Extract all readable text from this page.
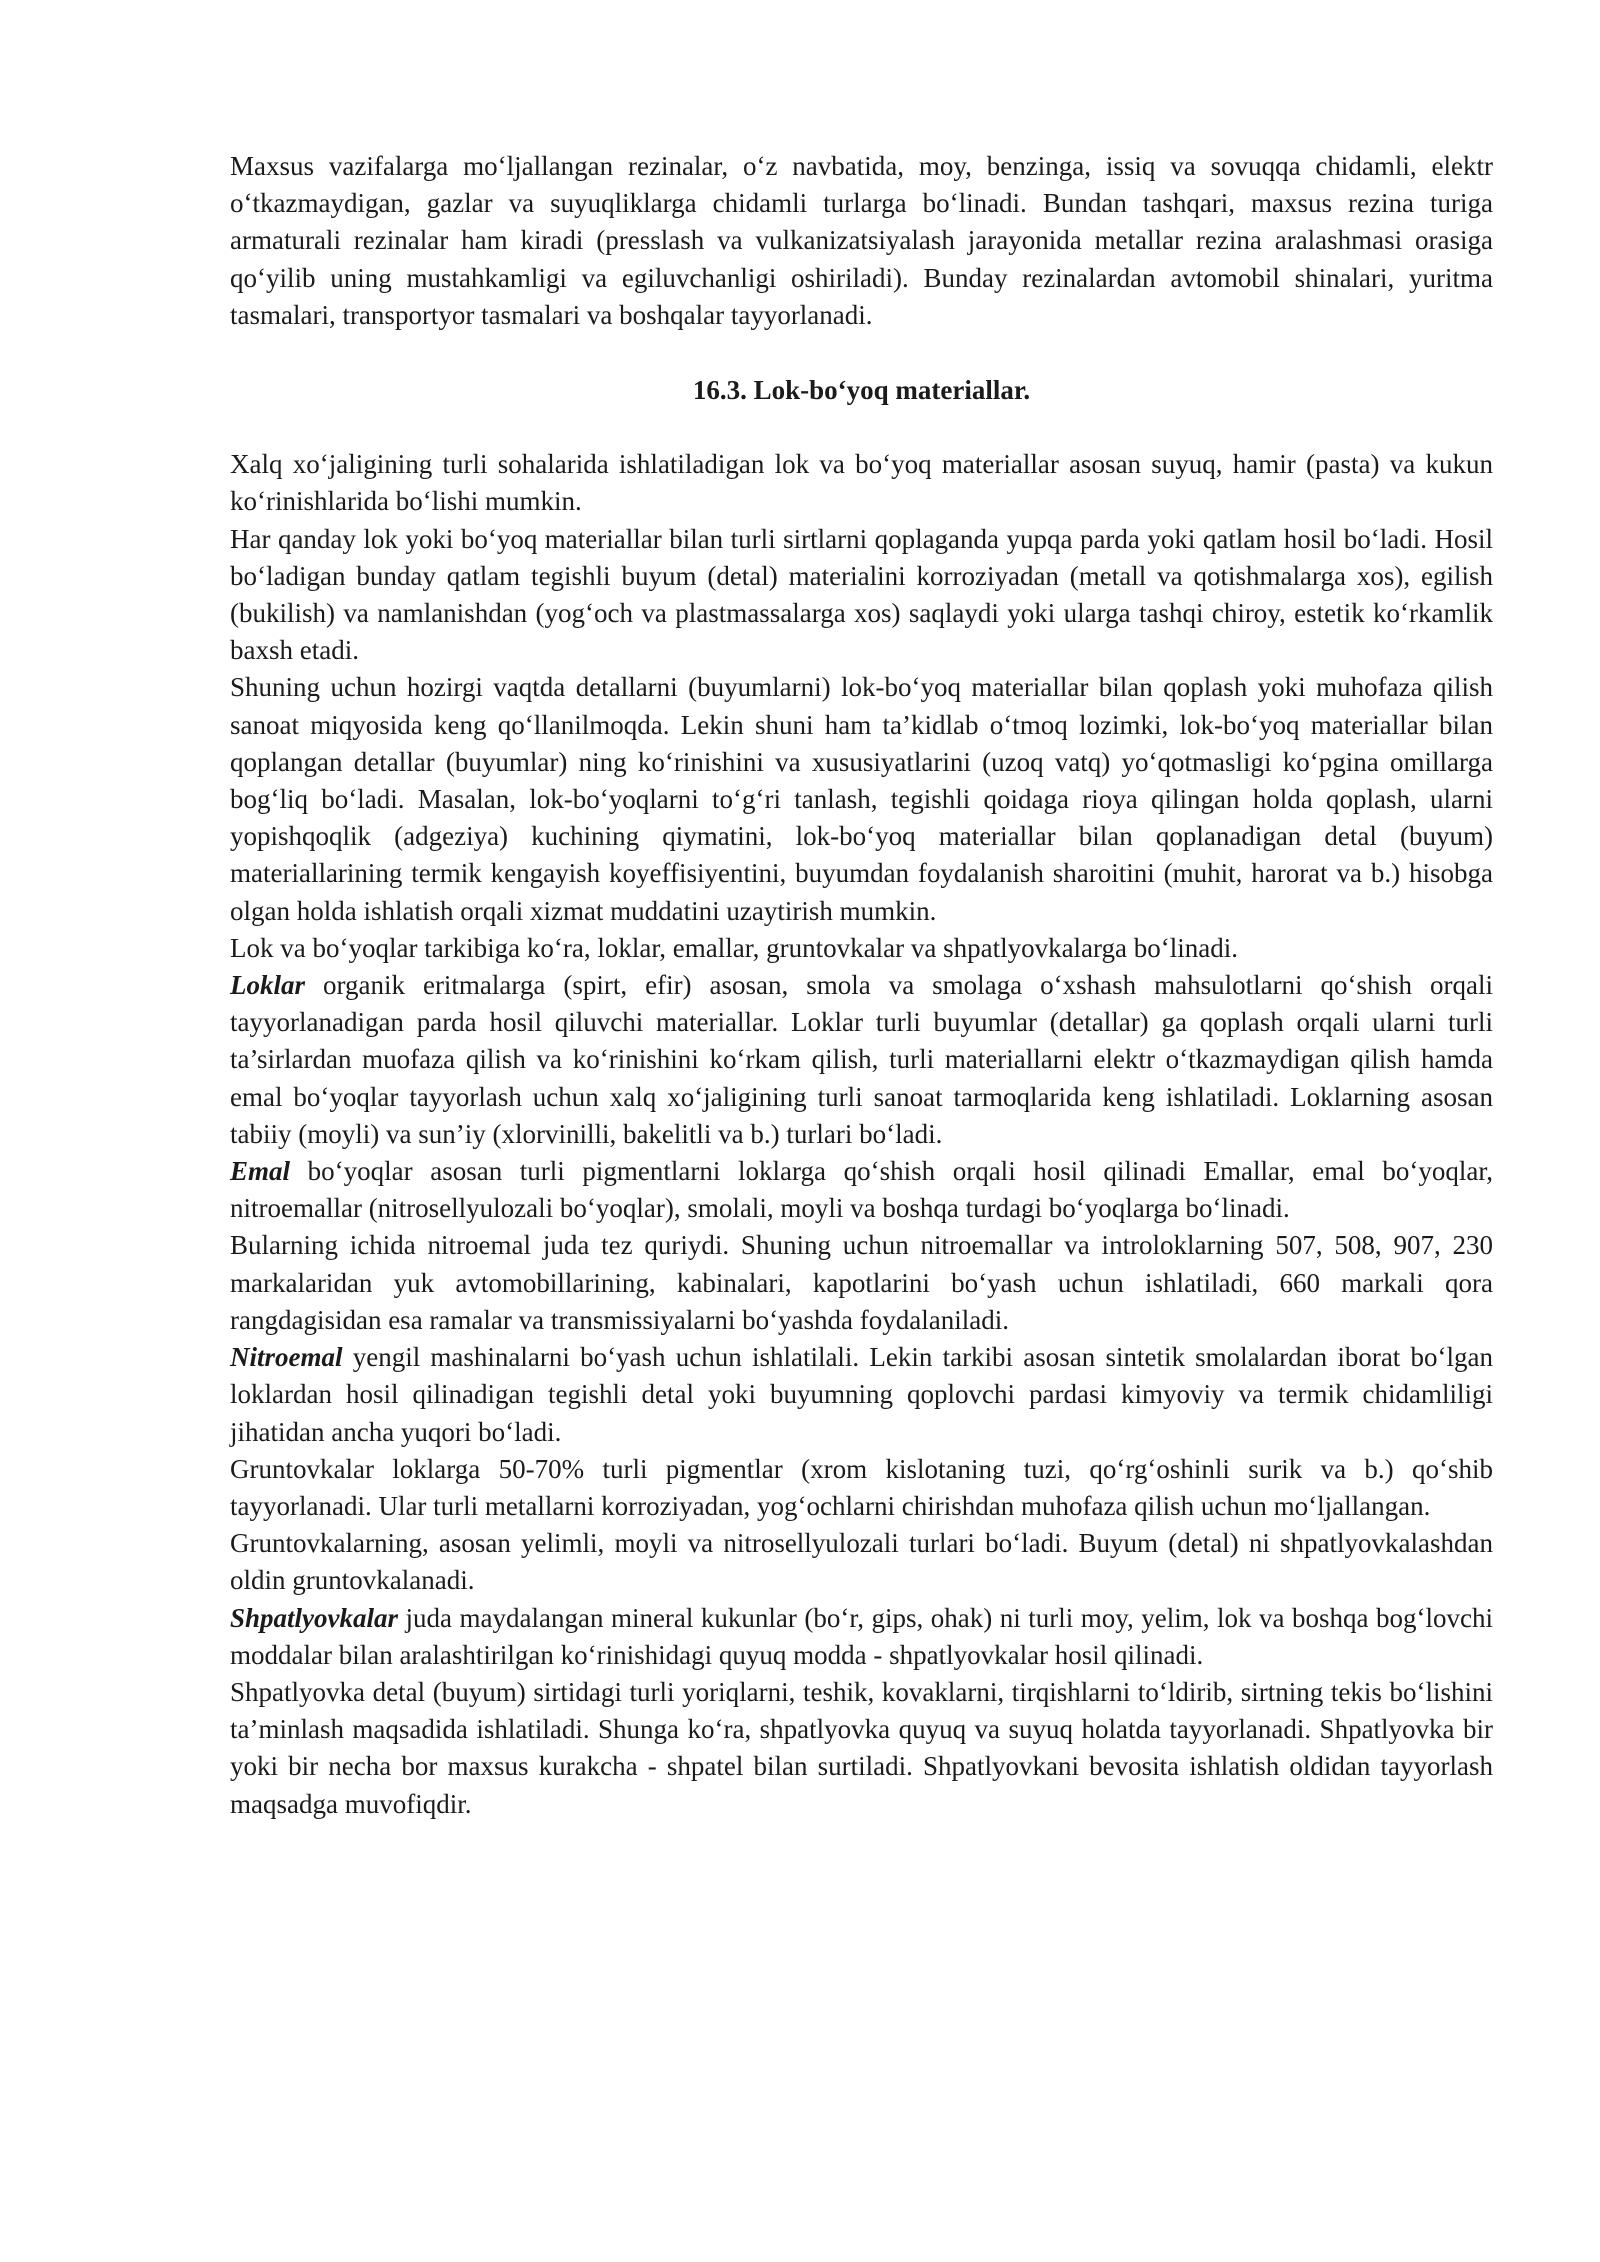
Maxsus vazifalarga mo‘ljallangan rezinalar, o‘z navbatida, moy, benzinga, issiq va sovuqqa chidamli, elektr o‘tkazmaydigan, gazlar va suyuqliklarga chidamli turlarga bo‘linadi. Bundan tashqari, maxsus rezina turiga armaturali rezinalar ham kiradi (presslash va vulkanizatsiyalash jarayonida metallar rezina aralashmasi orasiga qo‘yilib uning mustahkamligi va egiluvchanligi oshiriladi). Bunday rezinalardan avtomobil shinalari, yuritma tasmalari, transportyor tasmalari va boshqalar tayyorlanadi.

16.3. Lok-bo‘yoq materiallar.

Xalq xo‘jaligining turli sohalarida ishlatiladigan lok va bo‘yoq materiallar asosan suyuq, hamir (pasta) va kukun ko‘rinishlarida bo‘lishi mumkin.

Har qanday lok yoki bo‘yoq materiallar bilan turli sirtlarni qoplaganda yupqa parda yoki qatlam hosil bo‘ladi. Hosil bo‘ladigan bunday qatlam tegishli buyum (detal) materialini korroziyadan (metall va qotishmalarga xos), egilish (bukilish) va namlanishdan (yog‘och va plastmassalarga xos) saqlaydi yoki ularga tashqi chiroy, estetik ko‘rkamlik baxsh etadi.

Shuning uchun hozirgi vaqtda detallarni (buyumlarni) lok-bo‘yoq materiallar bilan qoplash yoki muhofaza qilish sanoat miqyosida keng qo‘llanilmoqda. Lekin shuni ham ta’kidlab o‘tmoq lozimki, lok-bo‘yoq materiallar bilan qoplangan detallar (buyumlar) ning ko‘rinishini va xususiyatlarini (uzoq vatq) yo‘qotmasligi ko‘pgina omillarga bog‘liq bo‘ladi. Masalan, lok-bo‘yoqlarni to‘g‘ri tanlash, tegishli qoidaga rioya qilingan holda qoplash, ularni yopishqoqlik (adgeziya) kuchining qiymatini, lok-bo‘yoq materiallar bilan qoplanadigan detal (buyum) materiallarining termik kengayish koyeffisiyentini, buyumdan foydalanish sharoitini (muhit, harorat va b.) hisobga olgan holda ishlatish orqali xizmat muddatini uzaytirish mumkin.

Lok va bo‘yoqlar tarkibiga ko‘ra, loklar, emallar, gruntovkalar va shpatlyovkalarga bo‘linadi.

Loklar organik eritmalarga (spirt, efir) asosan, smola va smolaga o‘xshash mahsulotlarni qo‘shish orqali tayyorlanadigan parda hosil qiluvchi materiallar. Loklar turli buyumlar (detallar) ga qoplash orqali ularni turli ta’sirlardan muofaza qilish va ko‘rinishini ko‘rkam qilish, turli materiallarni elektr o‘tkazmaydigan qilish hamda emal bo‘yoqlar tayyorlash uchun xalq xo‘jaligining turli sanoat tarmoqlarida keng ishlatiladi. Loklarning asosan tabiiy (moyli) va sun’iy (xlorvinilli, bakelitli va b.) turlari bo‘ladi.

Emal bo‘yoqlar asosan turli pigmentlarni loklarga qo‘shish orqali hosil qilinadi Emallar, emal bo‘yoqlar, nitroemallar (nitrosellyulozali bo‘yoqlar), smolali, moyli va boshqa turdagi bo‘yoqlarga bo‘linadi.

Bularning ichida nitroemal juda tez quriydi. Shuning uchun nitroemallar va introloklarning 507, 508, 907, 230 markalaridan yuk avtomobillarining, kabinalari, kapotlarini bo‘yash uchun ishlatiladi, 660 markali qora rangdagisidan esa ramalar va transmissiyalarni bo‘yashda foydalaniladi.

Nitroemal yengil mashinalarni bo‘yash uchun ishlatilali. Lekin tarkibi asosan sintetik smolalardan iborat bo‘lgan loklardan hosil qilinadigan tegishli detal yoki buyumning qoplovchi pardasi kimyoviy va termik chidamliligi jihatidan ancha yuqori bo‘ladi.

Gruntovkalar loklarga 50-70% turli pigmentlar (xrom kislotaning tuzi, qo‘rg‘oshinli surik va b.) qo‘shib tayyorlanadi. Ular turli metallarni korroziyadan, yog‘ochlarni chirishdan muhofaza qilish uchun mo‘ljallangan.

Gruntovkalarning, asosan yelimli, moyli va nitrosellyulozali turlari bo‘ladi. Buyum (detal) ni shpatlyovkalashdan oldin gruntovkalanadi.

Shpatlyovkalar juda maydalangan mineral kukunlar (bo‘r, gips, ohak) ni turli moy, yelim, lok va boshqa bog‘lovchi moddalar bilan aralashtirilgan ko‘rinishidagi quyuq modda - shpatlyovkalar hosil qilinadi.

Shpatlyovka detal (buyum) sirtidagi turli yoriqlarni, teshik, kovaklarni, tirqishlarni to‘ldirib, sirtning tekis bo‘lishini ta’minlash maqsadida ishlatiladi. Shunga ko‘ra, shpatlyovka quyuq va suyuq holatda tayyorlanadi. Shpatlyovka bir yoki bir necha bor maxsus kurakcha - shpatel bilan surtiladi. Shpatlyovkani bevosita ishlatish oldidan tayyorlash maqsadga muvofiqdir.
